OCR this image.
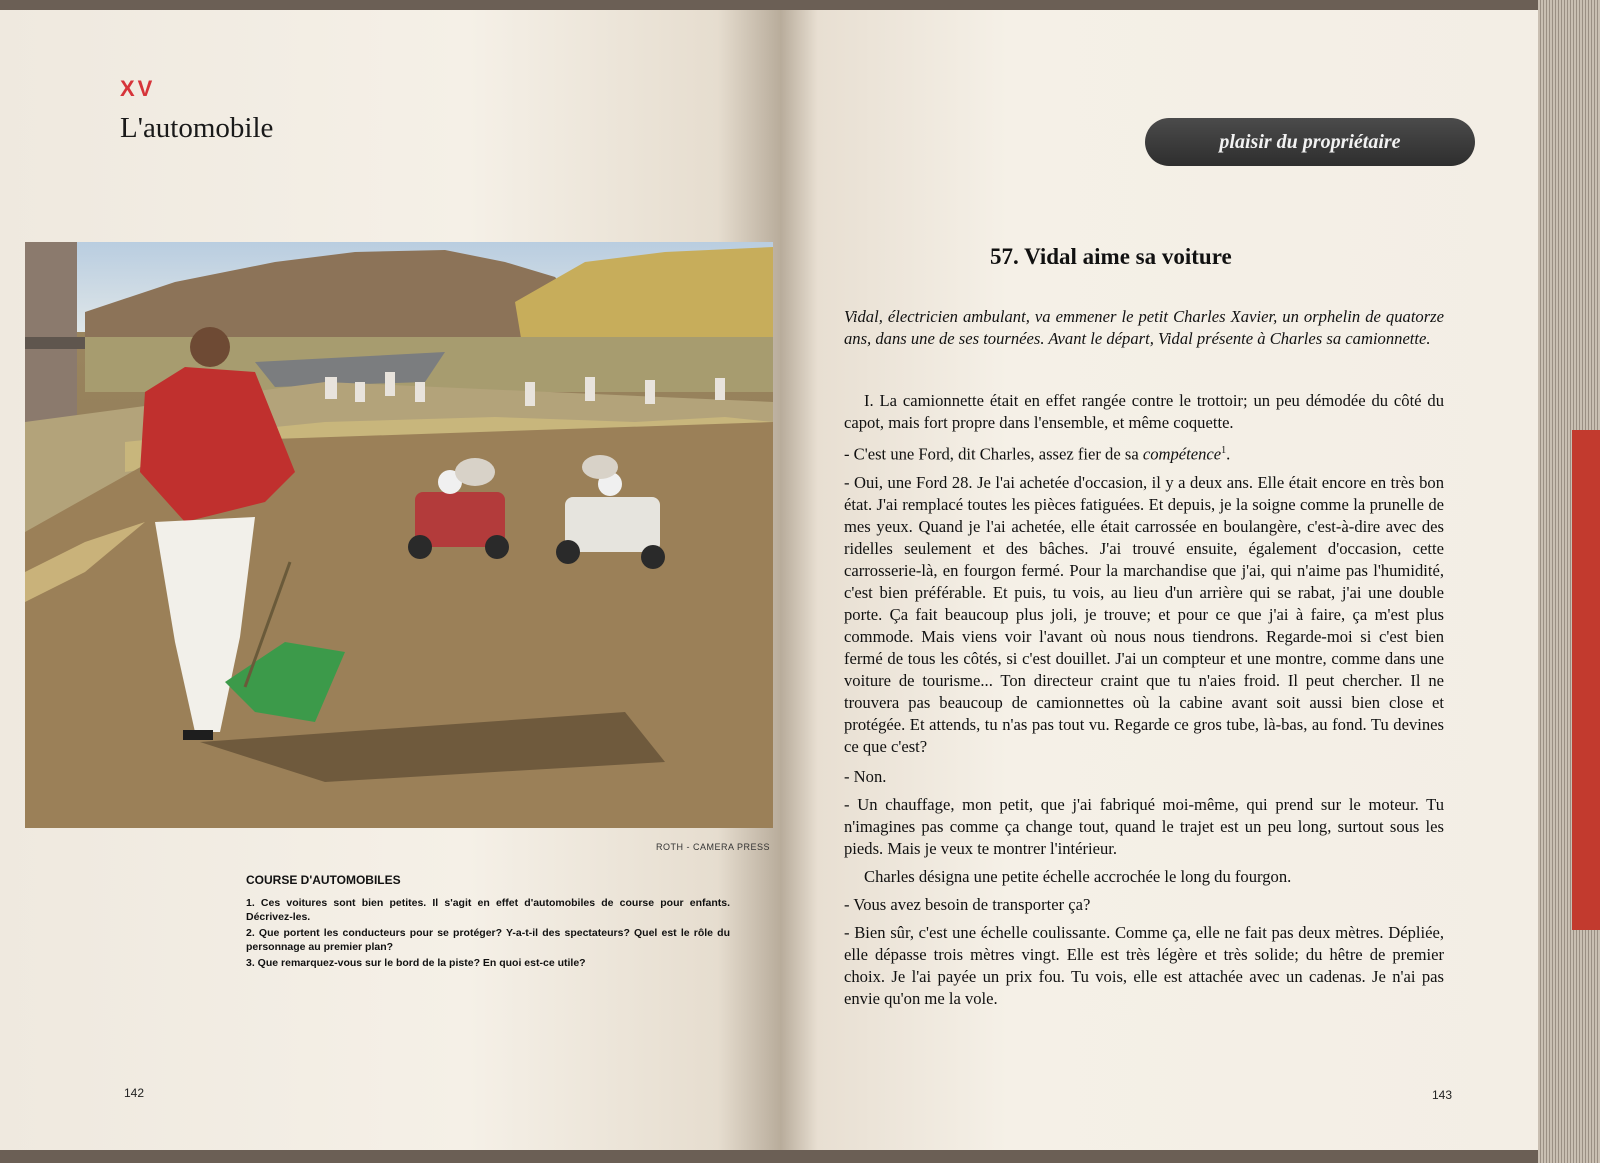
XV
L'automobile
ROTH - CAMERA PRESS
COURSE D'AUTOMOBILES
1. Ces voitures sont bien petites. Il s'agit en effet d'automobiles de course pour enfants. Décrivez-les.
2. Que portent les conducteurs pour se protéger? Y-a-t-il des spectateurs? Quel est le rôle du personnage au premier plan?
3. Que remarquez-vous sur le bord de la piste? En quoi est-ce utile?
142
plaisir du propriétaire
57. Vidal aime sa voiture

Vidal, électricien ambulant, va emmener le petit Charles Xavier, un orphelin de quatorze ans, dans une de ses tournées. Avant le départ, Vidal présente à Charles sa camionnette.

I. La camionnette était en effet rangée contre le trottoir; un peu démodée du côté du capot, mais fort propre dans l'ensemble, et même coquette.

- C'est une Ford, dit Charles, assez fier de sa compétence$^1$.

- Oui, une Ford 28. Je l'ai achetée d'occasion, il y a deux ans. Elle était encore en très bon état. J'ai remplacé toutes les pièces fatiguées. Et depuis, je la soigne comme la prunelle de mes yeux. Quand je l'ai achetée, elle était carrossée en boulangère, c'est-à-dire avec des ridelles seulement et des bâches. J'ai trouvé ensuite, également d'occasion, cette carrosserie-là, en fourgon fermé. Pour la marchandise que j'ai, qui n'aime pas l'humidité, c'est bien préférable. Et puis, tu vois, au lieu d'un arrière qui se rabat, j'ai une double porte. Ça fait beaucoup plus joli, je trouve; et pour ce que j'ai à faire, ça m'est plus commode. Mais viens voir l'avant où nous nous tiendrons. Regarde-moi si c'est bien fermé de tous les côtés, si c'est douillet. J'ai un compteur et une montre, comme dans une voiture de tourisme... Ton directeur craint que tu n'aies froid. Il peut chercher. Il ne trouvera pas beaucoup de camionnettes où la cabine avant soit aussi bien close et protégée. Et attends, tu n'as pas tout vu. Regarde ce gros tube, là-bas, au fond. Tu devines ce que c'est?

- Non.

- Un chauffage, mon petit, que j'ai fabriqué moi-même, qui prend sur le moteur. Tu n'imagines pas comme ça change tout, quand le trajet est un peu long, surtout sous les pieds. Mais je veux te montrer l'intérieur.

Charles désigna une petite échelle accrochée le long du fourgon.

- Vous avez besoin de transporter ça?

- Bien sûr, c'est une échelle coulissante. Comme ça, elle ne fait pas deux mètres. Dépliée, elle dépasse trois mètres vingt. Elle est très légère et très solide; du hêtre de premier choix. Je l'ai payée un prix fou. Tu vois, elle est attachée avec un cadenas. Je n'ai pas envie qu'on me la vole.

143
